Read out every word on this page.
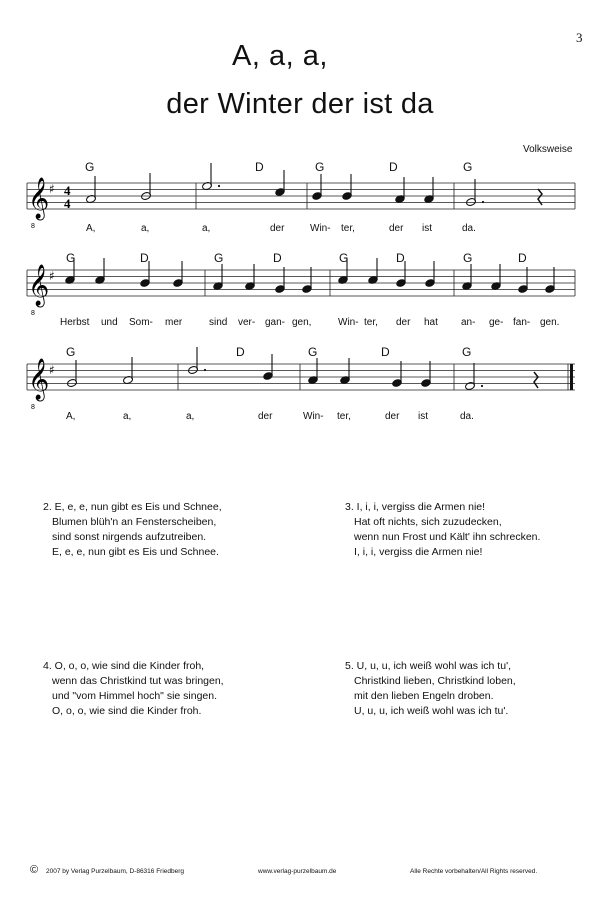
3
A, a, a,
der Winter der ist da
Volksweise
𝄞
8
♯ 4
4
G	D	G	D	G
A,	a,	a,	der	Win- ter,	der ist	da.
𝄞
8
♯
G	D	G	D	G	D	G	D
Herbst und Som- mer	sind ver- gan- gen,	Win- ter, der hat an- ge- fan- gen.
𝄞
8
♯
G	D	G	D	G
A,	a,	a,	der	Win- ter,	der ist	da.
2. E, e, e, nun gibt es Eis und Schnee,
Blumen blüh'n an Fensterscheiben,
sind sonst nirgends aufzutreiben.
E, e, e, nun gibt es Eis und Schnee.
3. I, i, i, vergiss die Armen nie!
Hat oft nichts, sich zuzudecken,
wenn nun Frost und Kält' ihn schrecken.
I, i, i, vergiss die Armen nie!
4. O, o, o, wie sind die Kinder froh,
wenn das Christkind tut was bringen,
und "vom Himmel hoch" sie singen.
O, o, o, wie sind die Kinder froh.
5. U, u, u, ich weiß wohl was ich tu',
Christkind lieben, Christkind loben,
mit den lieben Engeln droben.
U, u, u, ich weiß wohl was ich tu'.
© 2007 by Verlag Purzelbaum, D-86316 Friedberg	www.verlag-purzelbaum.de	Alle Rechte vorbehalten/All Rights reserved.
